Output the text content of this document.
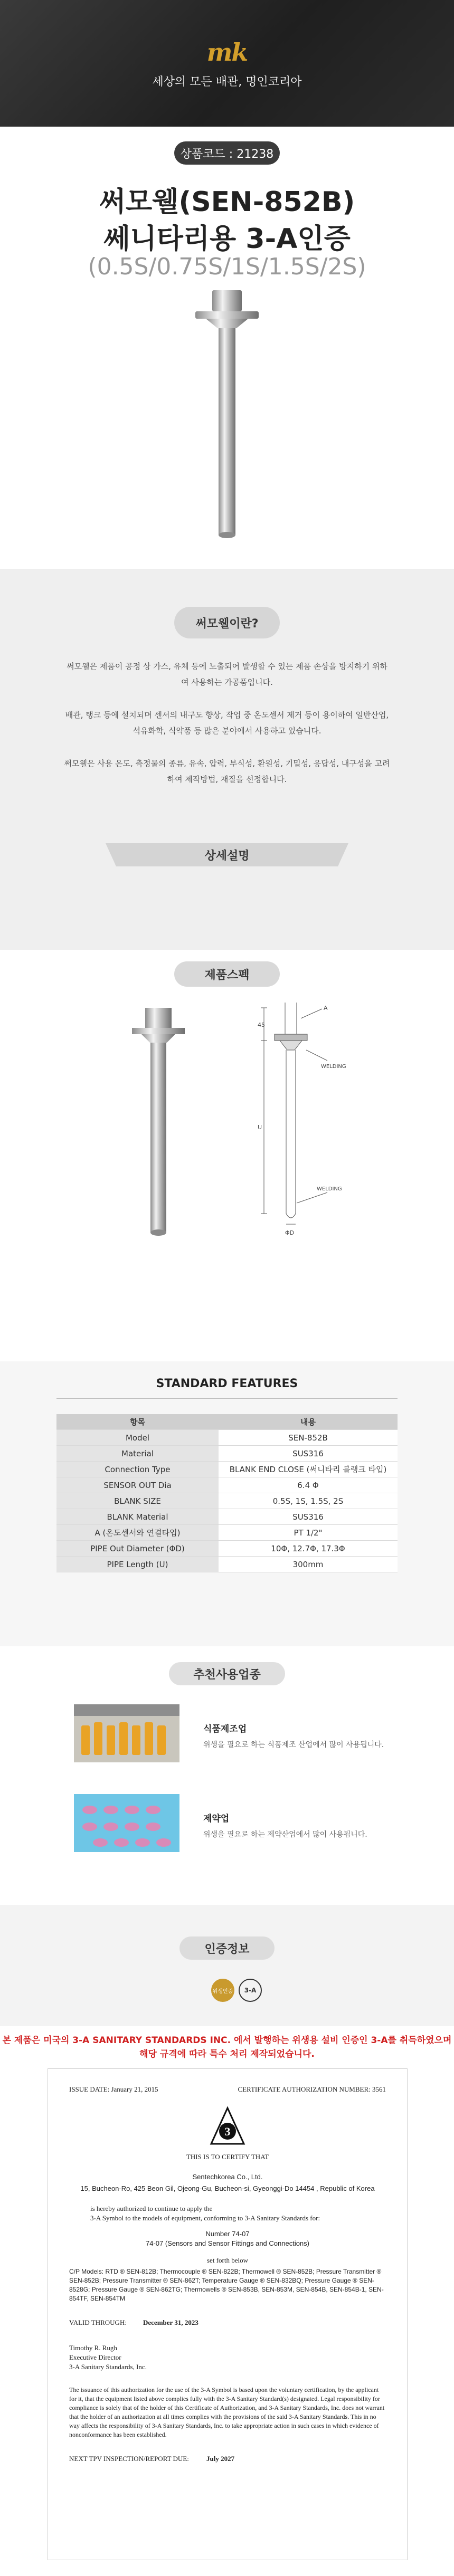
mk
세상의 모든 배관, 명인코리아
상품코드 : 21238
써모웰(SEN-852B)
쎄니타리용 3-A인증
(0.5S/0.75S/1S/1.5S/2S)
써모웰이란?
써모웰은 제품이 공정 상 가스, 유체 등에 노출되어 발생할 수 있는 제품 손상을 방지하기 위하여 사용하는 가공품입니다.
배관, 탱크 등에 설치되며 센서의 내구도 향상, 작업 중 온도센서 제거 등이 용이하여 일반산업, 석유화학, 식약품 등 많은 분야에서 사용하고 있습니다.
써모웰은 사용 온도, 측정물의 종류, 유속, 압력, 부식성, 환원성, 기밀성, 응답성, 내구성을 고려하여 제작방법, 재질을 선정합니다.
상세설명
제품스펙
45
U
ΦD
A
WELDING
WELDING
STANDARD FEATURES
항목	내용
Model	SEN-852B
Material	SUS316
Connection Type	BLANK END CLOSE (써니타리 블랭크 타입)
SENSOR OUT Dia	6.4 Φ
BLANK SIZE	0.5S, 1S, 1.5S, 2S
BLANK Material	SUS316
A (온도센서와 연결타입)	PT 1/2"
PIPE Out Diameter (ΦD)	10Φ, 12.7Φ, 17.3Φ
PIPE Length (U)	300mm
추천사용업종
식품제조업
위생을 필요로 하는 식품제조 산업에서 많이 사용됩니다.
제약업
위생을 필요로 하는 제약산업에서 많이 사용됩니다.
인증정보
위생인증	3-A
본 제품은 미국의 3-A SANITARY STANDARDS INC. 에서 발행하는 위생용 설비 인증인 3-A를 취득하였으며
해당 규격에 따라 특수 처리 제작되었습니다.
ISSUE DATE: January 21, 2015	CERTIFICATE AUTHORIZATION NUMBER: 3561
3
THIS IS TO CERTIFY THAT
Sentechkorea Co., Ltd.
15, Bucheon-Ro, 425 Beon Gil, Ojeong-Gu, Bucheon-si, Gyeonggi-Do 14454 , Republic of Korea
is hereby authorized to continue to apply the
3-A Symbol to the models of equipment, conforming to 3-A Sanitary Standards for:
Number 74-07
74-07 (Sensors and Sensor Fittings and Connections)
set forth below
C/P Models: RTD ® SEN-812B; Thermocouple ® SEN-822B; Thermowell ® SEN-852B; Pressure Transmitter ® SEN-852B; Pressure Transmitter ® SEN-862T; Temperature Gauge ® SEN-832BQ; Pressure Gauge ® SEN-8528G; Pressure Gauge ® SEN-862TG; Thermowells ® SEN-853B, SEN-853M, SEN-854B, SEN-854B-1, SEN-854TF, SEN-854TM
VALID THROUGH:	December 31, 2023
Timothy R. Rugh
Executive Director
3-A Sanitary Standards, Inc.
The issuance of this authorization for the use of the 3-A Symbol is based upon the voluntary certification, by the applicant for it, that the equipment listed above complies fully with the 3-A Sanitary Standard(s) designated. Legal responsibility for compliance is solely that of the holder of this Certificate of Authorization, and 3-A Sanitary Standards, Inc. does not warrant that the holder of an authorization at all times complies with the provisions of the said 3-A Sanitary Standards. This in no way affects the responsibility of 3-A Sanitary Standards, Inc. to take appropriate action in such cases in which evidence of nonconformance has been established.
NEXT TPV INSPECTION/REPORT DUE:	July 2027
